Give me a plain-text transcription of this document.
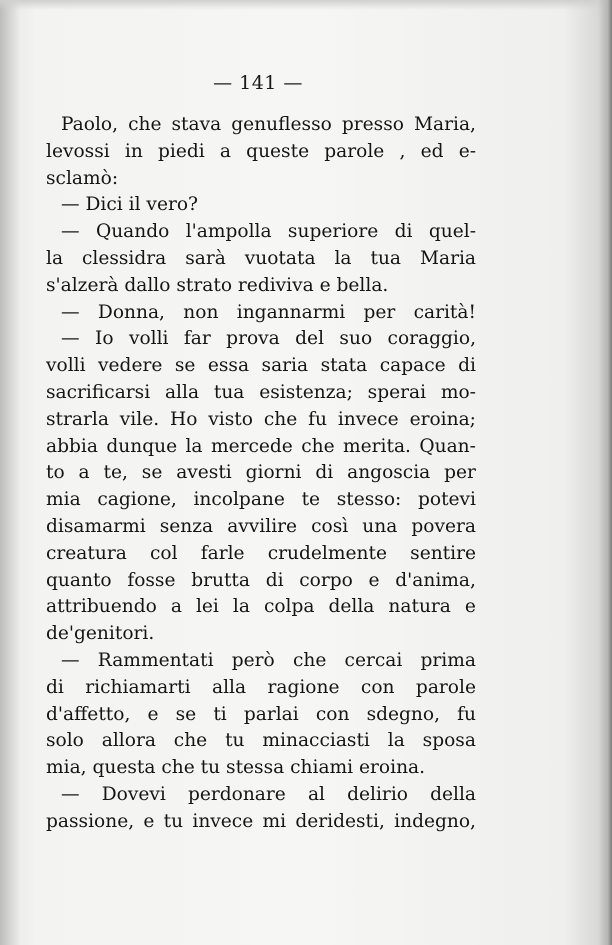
— 141 —

Paolo, che stava genuflesso presso Maria,
levossi in piedi a queste parole , ed e-
sclamò:
— Dici il vero?
— Quando l'ampolla superiore di quel-
la clessidra sarà vuotata la tua Maria
s'alzerà dallo strato rediviva e bella.
— Donna, non ingannarmi per carità!
— Io volli far prova del suo coraggio,
volli vedere se essa saria stata capace di
sacrificarsi alla tua esistenza; sperai mo-
strarla vile. Ho visto che fu invece eroina;
abbia dunque la mercede che merita. Quan-
to a te, se avesti giorni di angoscia per
mia cagione, incolpane te stesso: potevi
disamarmi senza avvilire così una povera
creatura col farle crudelmente sentire
quanto fosse brutta di corpo e d'anima,
attribuendo a lei la colpa della natura e
de'genitori.
— Rammentati però che cercai prima
di richiamarti alla ragione con parole
d'affetto, e se ti parlai con sdegno, fu
solo allora che tu minacciasti la sposa
mia, questa che tu stessa chiami eroina.
— Dovevi perdonare al delirio della
passione, e tu invece mi deridesti, indegno,
